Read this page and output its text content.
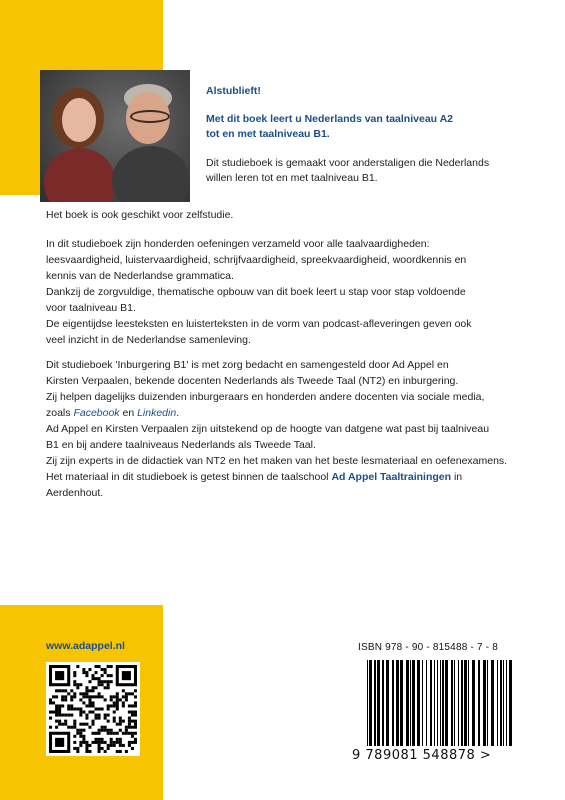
Alstublieft!

Met dit boek leert u Nederlands van taalniveau A2

tot en met taalniveau B1.

Dit studieboek is gemaakt voor anderstaligen die Nederlands

willen leren tot en met taalniveau B1.

Het boek is ook geschikt voor zelfstudie.

In dit studieboek zijn honderden oefeningen verzameld voor alle taalvaardigheden:

leesvaardigheid, luistervaardigheid, schrijfvaardigheid, spreekvaardigheid, woordkennis en

kennis van de Nederlandse grammatica.

Dankzij de zorgvuldige, thematische opbouw van dit boek leert u stap voor stap voldoende

voor taalniveau B1.

De eigentijdse leesteksten en luisterteksten in de vorm van podcast-afleveringen geven ook

veel inzicht in de Nederlandse samenleving.

Dit studieboek 'Inburgering B1' is met zorg bedacht en samengesteld door Ad Appel en

Kirsten Verpaalen, bekende docenten Nederlands als Tweede Taal (NT2) en inburgering.

Zij helpen dagelijks duizenden inburgeraars en honderden andere docenten via sociale media,

zoals Facebook en Linkedin.

Ad Appel en Kirsten Verpaalen zijn uitstekend op de hoogte van datgene wat past bij taalniveau

B1 en bij andere taalniveaus Nederlands als Tweede Taal.

Zij zijn experts in de didactiek van NT2 en het maken van het beste lesmateriaal en oefenexamens.

Het materiaal in dit studieboek is getest binnen de taalschool Ad Appel Taaltrainingen in

Aerdenhout.

www.adappel.nl	ISBN 978 - 90 - 815488 - 7 - 8

9 789081 548878 >
